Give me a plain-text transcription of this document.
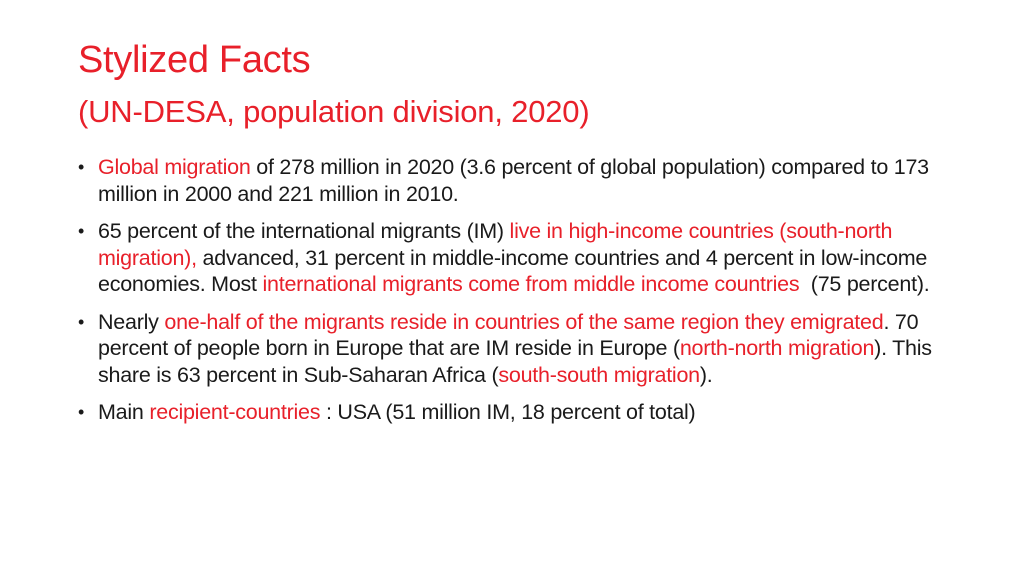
Stylized Facts
(UN-DESA, population division, 2020)
• Global migration of 278 million in 2020 (3.6 percent of global population) compared to 173 million in 2000 and 221 million in 2010.
• 65 percent of the international migrants (IM) live in high-income countries (south-north migration), advanced, 31 percent in middle-income countries and 4 percent in low-income economies. Most international migrants come from middle income countries  (75 percent).
• Nearly one-half of the migrants reside in countries of the same region they emigrated. 70 percent of people born in Europe that are IM reside in Europe (north-north migration). This share is 63 percent in Sub-Saharan Africa (south-south migration).
• Main recipient-countries : USA (51 million IM, 18 percent of total)
